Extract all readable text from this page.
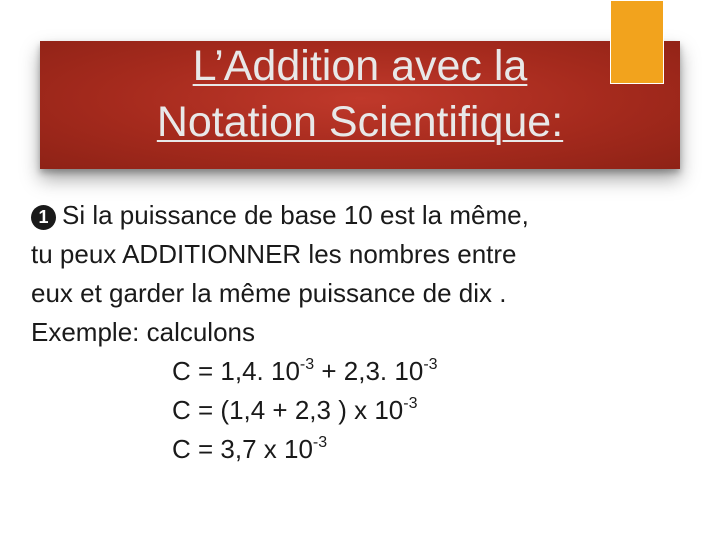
L’Addition avec la
Notation Scientifique:
1 Si la puissance de base 10 est la même,
tu peux ADDITIONNER les nombres entre
eux et garder la même puissance de dix .
Exemple: calculons
C = 1,4. $10^{-3} + 2,3$. $10^{-3}$
C = (1,4 + 2,3 ) x $10^{-3}$
C = 3,7 x $10^{-3}$
